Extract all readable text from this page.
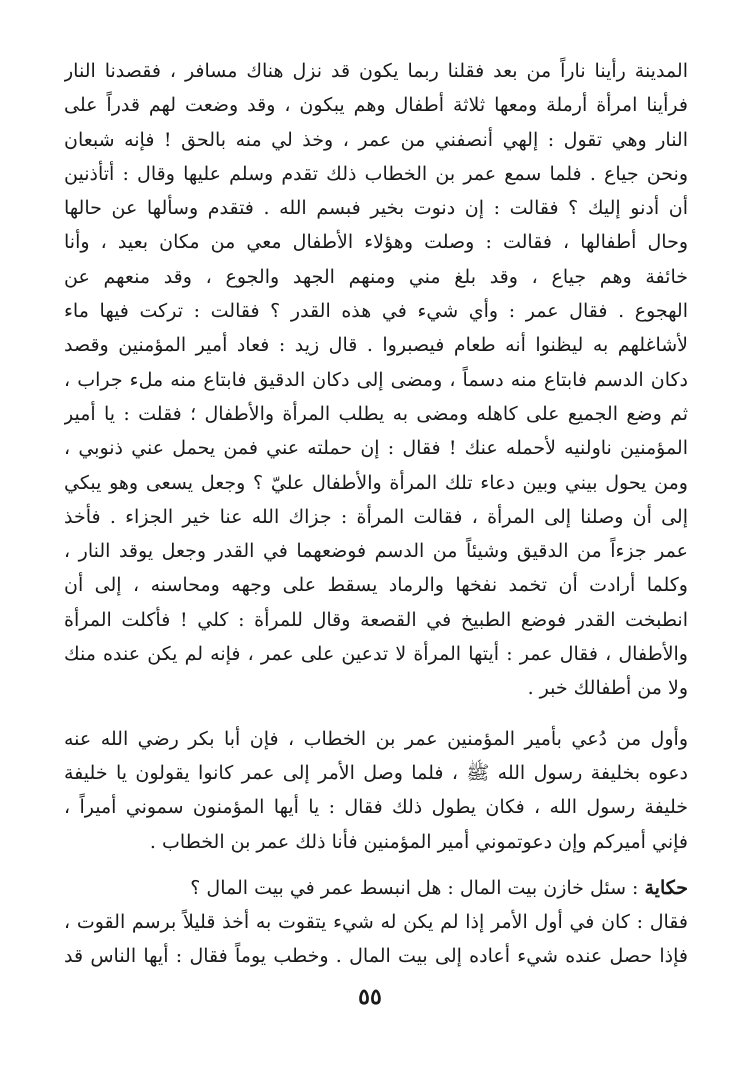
المدينة رأينا ناراً من بعد فقلنا ربما يكون قد نزل هناك مسافر ، فقصدنا النار
فرأينا امرأة أرملة ومعها ثلاثة أطفال وهم يبكون ، وقد وضعت لهم قدراً على
النار وهي تقول : إلهي أنصفني من عمر ، وخذ لي منه بالحق ! فإنه شبعان
ونحن جياع . فلما سمع عمر بن الخطاب ذلك تقدم وسلم عليها وقال : أتأذنين
أن أدنو إليك ؟ فقالت : إن دنوت بخير فبسم الله . فتقدم وسألها عن حالها
وحال أطفالها ، فقالت : وصلت وهؤلاء الأطفال معي من مكان بعيد ، وأنا
خائفة وهم جياع ، وقد بلغ مني ومنهم الجهد والجوع ، وقد منعهم عن
الهجوع . فقال عمر : وأي شيء في هذه القدر ؟ فقالت : تركت فيها ماء
لأشاغلهم به ليظنوا أنه طعام فيصبروا . قال زيد : فعاد أمير المؤمنين وقصد
دكان الدسم فابتاع منه دسماً ، ومضى إلى دكان الدقيق فابتاع منه ملء جراب ،
ثم وضع الجميع على كاهله ومضى به يطلب المرأة والأطفال ؛ فقلت : يا أمير
المؤمنين ناولنيه لأحمله عنك ! فقال : إن حملته عني فمن يحمل عني ذنوبي ،
ومن يحول بيني وبين دعاء تلك المرأة والأطفال عليّ ؟ وجعل يسعى وهو يبكي
إلى أن وصلنا إلى المرأة ، فقالت المرأة : جزاك الله عنا خير الجزاء . فأخذ
عمر جزءاً من الدقيق وشيئاً من الدسم فوضعهما في القدر وجعل يوقد النار ،
وكلما أرادت أن تخمد نفخها والرماد يسقط على وجهه ومحاسنه ، إلى أن
انطبخت القدر فوضع الطبيخ في القصعة وقال للمرأة : كلي ! فأكلت المرأة
والأطفال ، فقال عمر : أيتها المرأة لا تدعين على عمر ، فإنه لم يكن عنده منك
ولا من أطفالك خبر .
وأول من دُعي بأمير المؤمنين عمر بن الخطاب ، فإن أبا بكر رضي الله عنه
دعوه بخليفة رسول الله ﷺ ، فلما وصل الأمر إلى عمر كانوا يقولون يا خليفة
خليفة رسول الله ، فكان يطول ذلك فقال : يا أيها المؤمنون سموني أميراً ،
فإني أميركم وإن دعوتموني أمير المؤمنين فأنا ذلك عمر بن الخطاب .
حكاية : سئل خازن بيت المال : هل انبسط عمر في بيت المال ؟
فقال : كان في أول الأمر إذا لم يكن له شيء يتقوت به أخذ قليلاً برسم القوت ،
فإذا حصل عنده شيء أعاده إلى بيت المال . وخطب يوماً فقال : أيها الناس قد
٥٥
